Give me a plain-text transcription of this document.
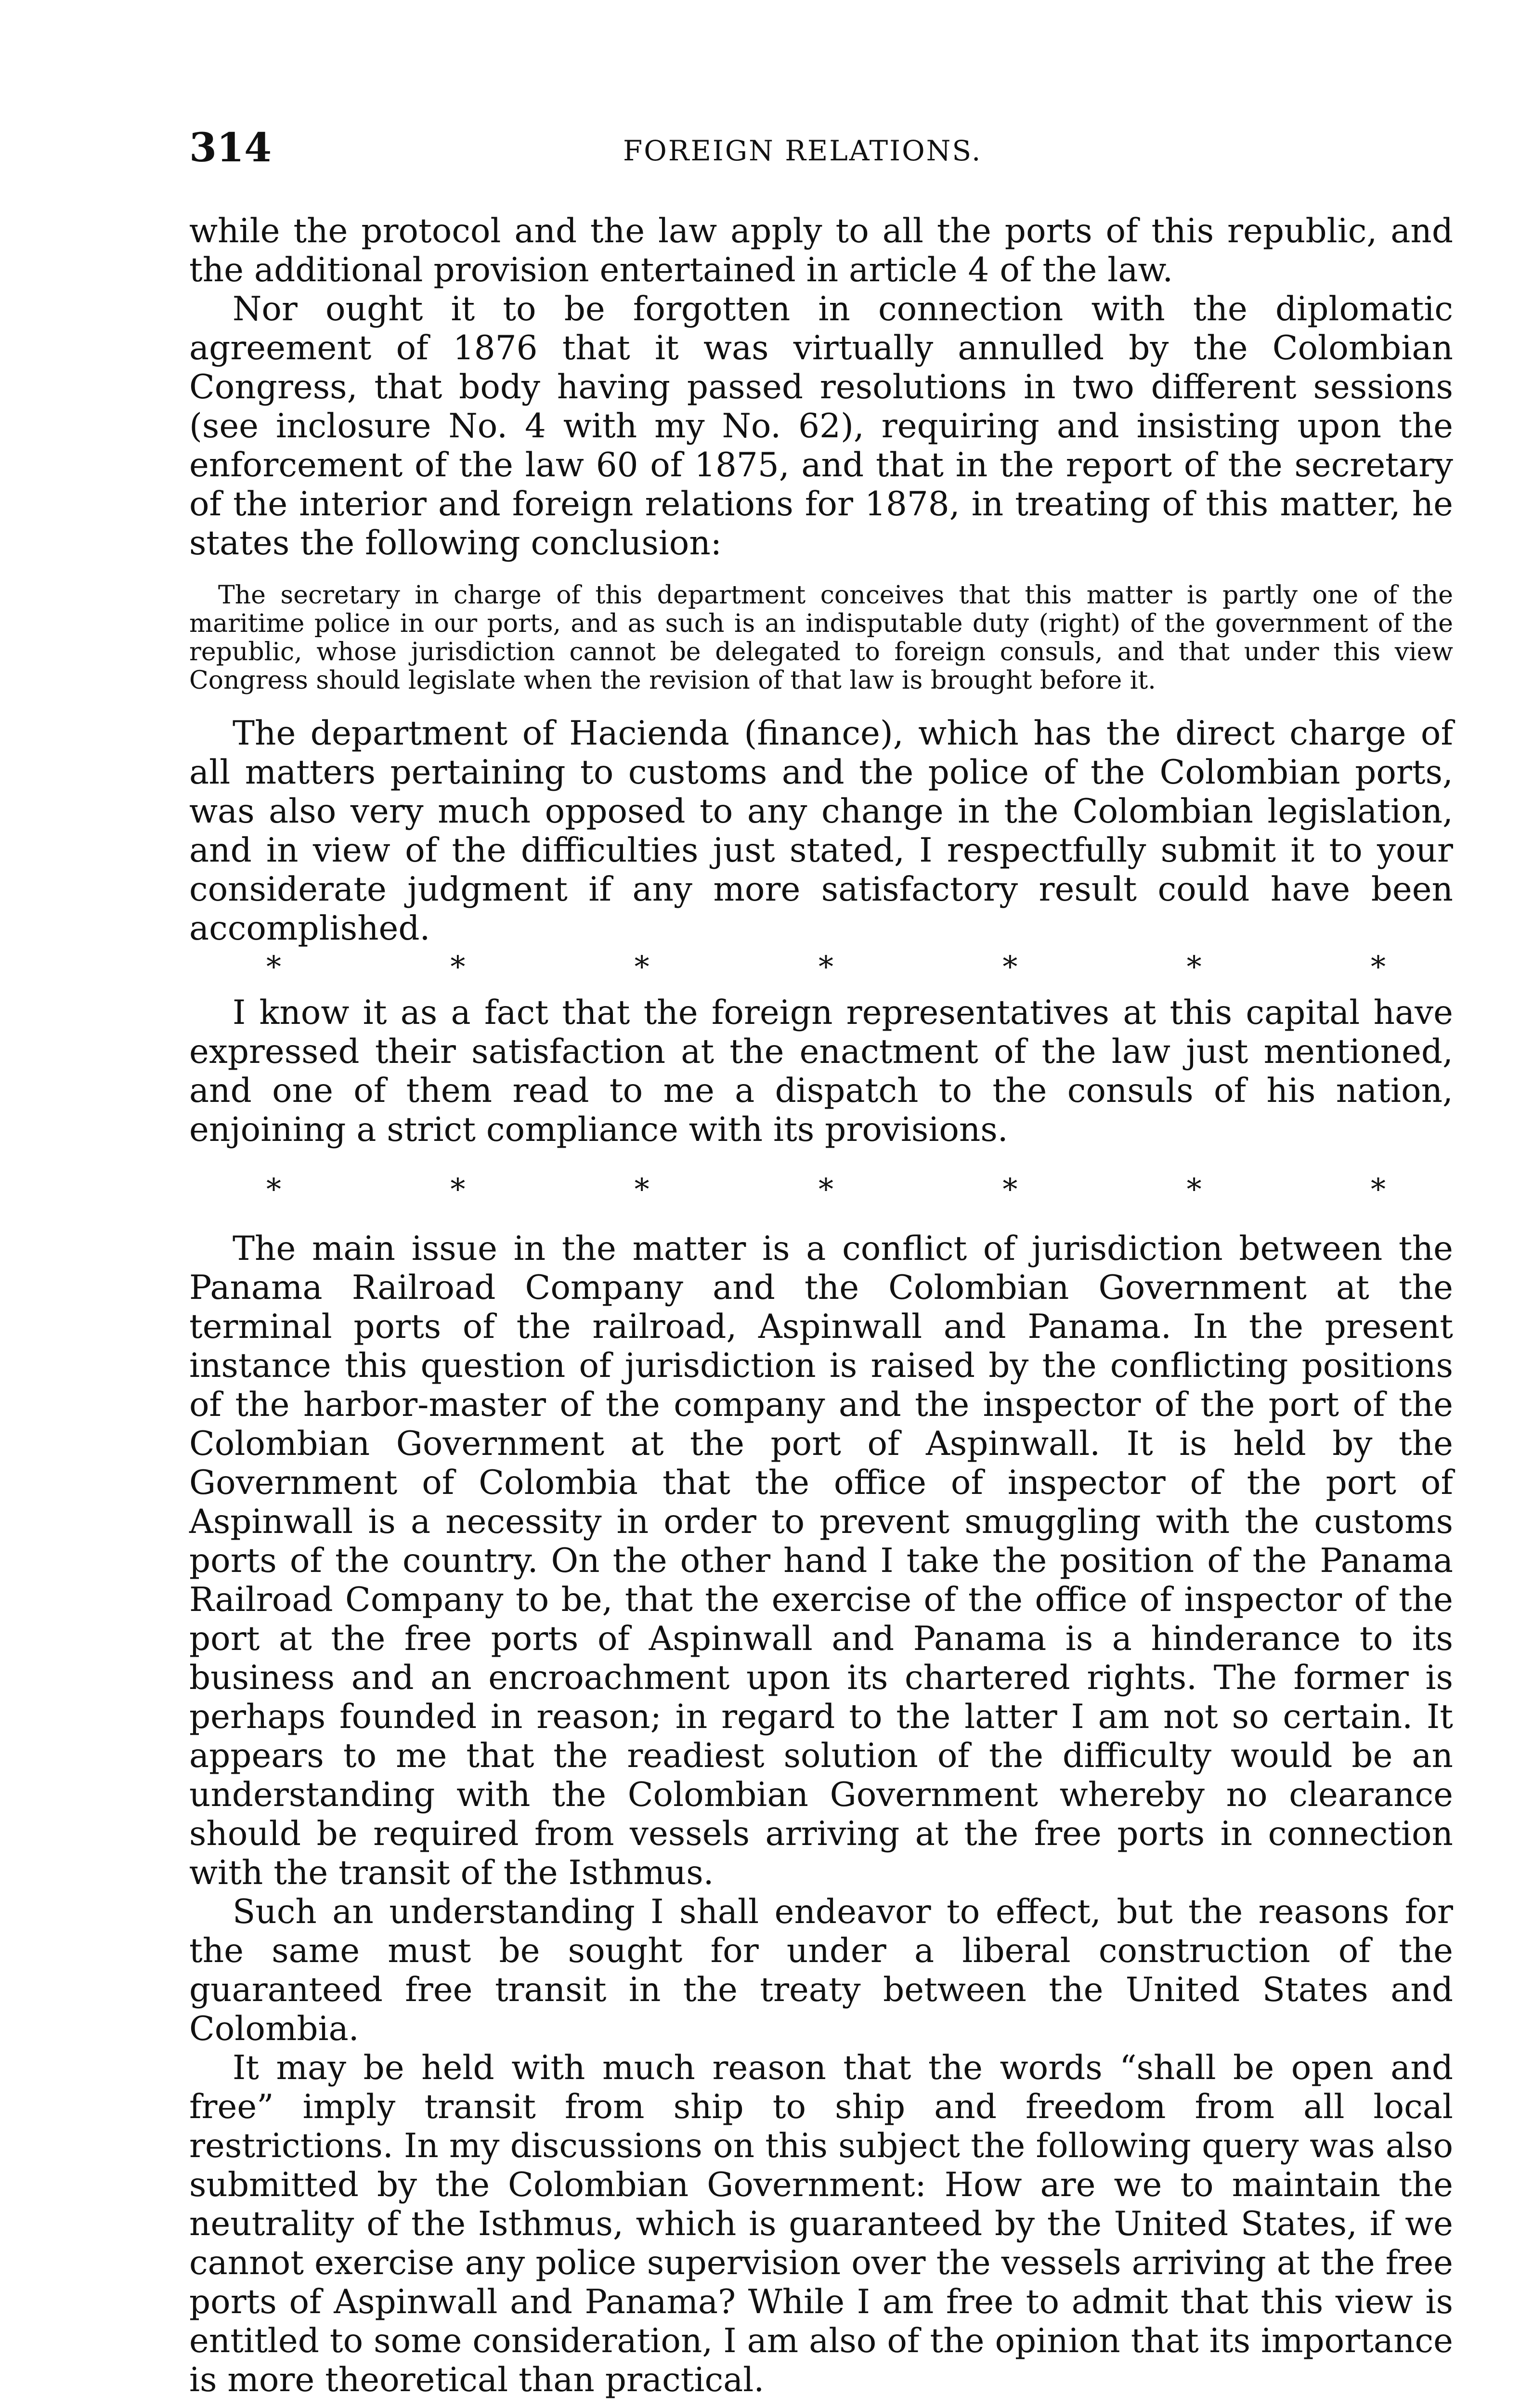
314	FOREIGN RELATIONS.

while the protocol and the law apply to all the ports of this republic, and the additional provision entertained in article 4 of the law.

Nor ought it to be forgotten in connection with the diplomatic agreement of 1876 that it was virtually annulled by the Colombian Congress, that body having passed resolutions in two different sessions (see inclosure No. 4 with my No. 62), requiring and insisting upon the enforcement of the law 60 of 1875, and that in the report of the secretary of the interior and foreign relations for 1878, in treating of this matter, he states the following conclusion:

The secretary in charge of this department conceives that this matter is partly one of the maritime police in our ports, and as such is an indisputable duty (right) of the government of the republic, whose jurisdiction cannot be delegated to foreign consuls, and that under this view Congress should legislate when the revision of that law is brought before it.

The department of Hacienda (finance), which has the direct charge of all matters pertaining to customs and the police of the Colombian ports, was also very much opposed to any change in the Colombian legislation, and in view of the difficulties just stated, I respectfully submit it to your considerate judgment if any more satisfactory result could have been accomplished.

*	*	*	*	*	*	*

I know it as a fact that the foreign representatives at this capital have expressed their satisfaction at the enactment of the law just mentioned, and one of them read to me a dispatch to the consuls of his nation, enjoining a strict compliance with its provisions.

*	*	*	*	*	*	*

The main issue in the matter is a conflict of jurisdiction between the Panama Railroad Company and the Colombian Government at the terminal ports of the railroad, Aspinwall and Panama. In the present instance this question of jurisdiction is raised by the conflicting positions of the harbor-master of the company and the inspector of the port of the Colombian Government at the port of Aspinwall. It is held by the Government of Colombia that the office of inspector of the port of Aspinwall is a necessity in order to prevent smuggling with the customs ports of the country. On the other hand I take the position of the Panama Railroad Company to be, that the exercise of the office of inspector of the port at the free ports of Aspinwall and Panama is a hinderance to its business and an encroachment upon its chartered rights. The former is perhaps founded in reason; in regard to the latter I am not so certain. It appears to me that the readiest solution of the difficulty would be an understanding with the Colombian Government whereby no clearance should be required from vessels arriving at the free ports in connection with the transit of the Isthmus.

Such an understanding I shall endeavor to effect, but the reasons for the same must be sought for under a liberal construction of the guaranteed free transit in the treaty between the United States and Colombia.

It may be held with much reason that the words “shall be open and free” imply transit from ship to ship and freedom from all local restrictions. In my discussions on this subject the following query was also submitted by the Colombian Government: How are we to maintain the neutrality of the Isthmus, which is guaranteed by the United States, if we cannot exercise any police supervision over the vessels arriving at the free ports of Aspinwall and Panama? While I am free to admit that this view is entitled to some consideration, I am also of the opinion that its importance is more theoretical than practical.
